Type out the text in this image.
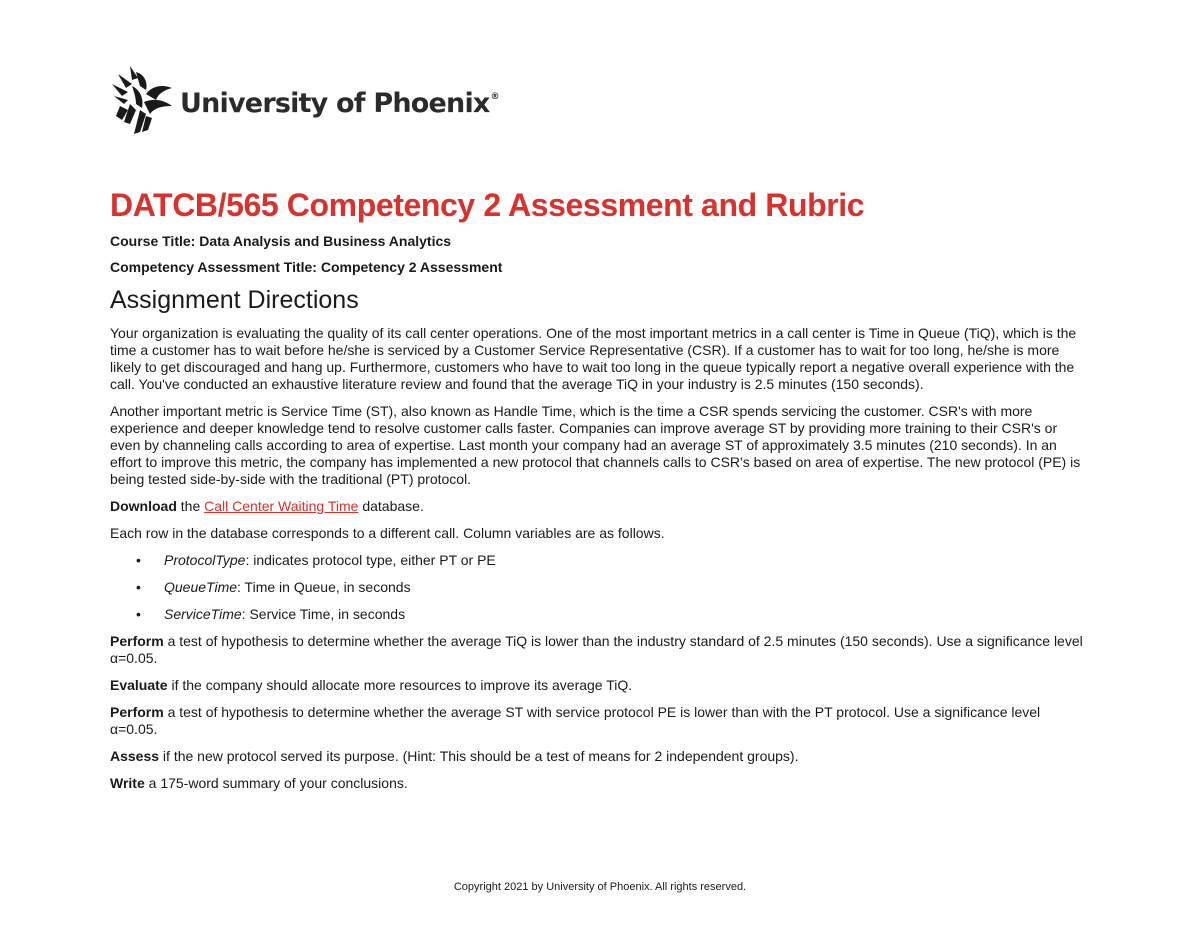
University of Phoenix®
DATCB/565 Competency 2 Assessment and Rubric

Course Title: Data Analysis and Business Analytics

Competency Assessment Title: Competency 2 Assessment

Assignment Directions

Your organization is evaluating the quality of its call center operations. One of the most important metrics in a call center is Time in Queue (TiQ), which is the time a customer has to wait before he/she is serviced by a Customer Service Representative (CSR). If a customer has to wait for too long, he/she is more likely to get discouraged and hang up. Furthermore, customers who have to wait too long in the queue typically report a negative overall experience with the call. You've conducted an exhaustive literature review and found that the average TiQ in your industry is 2.5 minutes (150 seconds).

Another important metric is Service Time (ST), also known as Handle Time, which is the time a CSR spends servicing the customer. CSR's with more experience and deeper knowledge tend to resolve customer calls faster. Companies can improve average ST by providing more training to their CSR's or even by channeling calls according to area of expertise. Last month your company had an average ST of approximately 3.5 minutes (210 seconds). In an effort to improve this metric, the company has implemented a new protocol that channels calls to CSR's based on area of expertise. The new protocol (PE) is being tested side-by-side with the traditional (PT) protocol.

Download the Call Center Waiting Time database.

Each row in the database corresponds to a different call. Column variables are as follows.

• ProtocolType: indicates protocol type, either PT or PE
• QueueTime: Time in Queue, in seconds
• ServiceTime: Service Time, in seconds

Perform a test of hypothesis to determine whether the average TiQ is lower than the industry standard of 2.5 minutes (150 seconds). Use a significance level α=0.05.

Evaluate if the company should allocate more resources to improve its average TiQ.

Perform a test of hypothesis to determine whether the average ST with service protocol PE is lower than with the PT protocol. Use a significance level α=0.05.

Assess if the new protocol served its purpose. (Hint: This should be a test of means for 2 independent groups).

Write a 175-word summary of your conclusions.

Copyright 2021 by University of Phoenix. All rights reserved.
